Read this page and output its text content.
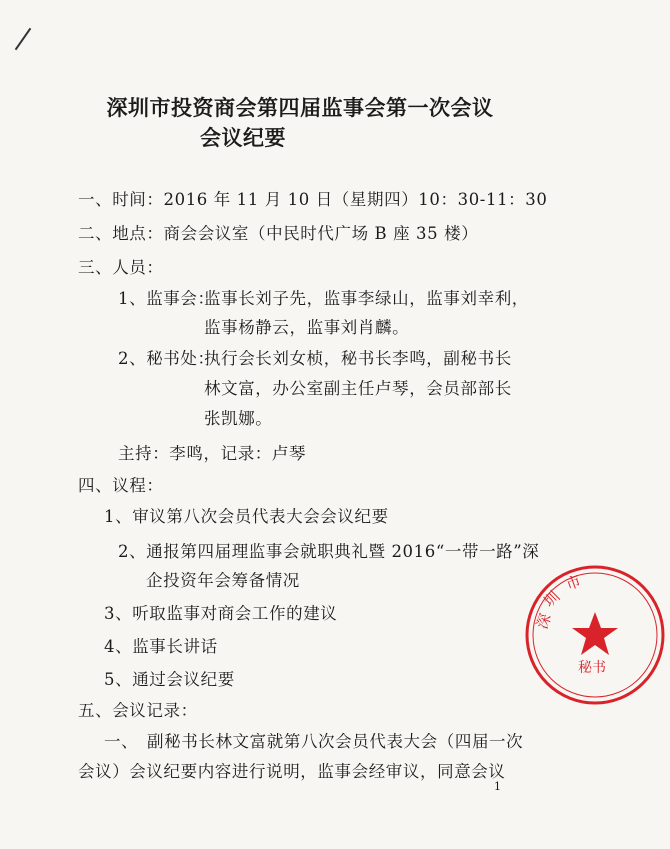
深圳市投资商会第四届监事会第一次会议
会议纪要
一、时间：2016 年 11 月 10 日（星期四）10：30-11：30
二、地点：商会会议室（中民时代广场 B 座 35 楼）
三、人员：
1、监事会：
监事长刘子先，监事李绿山，监事刘幸利，
监事杨静云，监事刘肖麟。
2、秘书处：
执行会长刘女桢，秘书长李鸣，副秘书长
林文富，办公室副主任卢琴，会员部部长
张凯娜。
主持：李鸣，记录：卢琴
四、议程：
1、审议第八次会员代表大会会议纪要
2、通报第四届理监事会就职典礼暨 2016“一带一路”深
企投资年会筹备情况
3、听取监事对商会工作的建议
4、监事长讲话
5、通过会议纪要
五、会议记录：
一、　副秘书长林文富就第八次会员代表大会（四届一次
会议）会议纪要内容进行说明，监事会经审议，同意会议
1
深
圳
市
秘书
